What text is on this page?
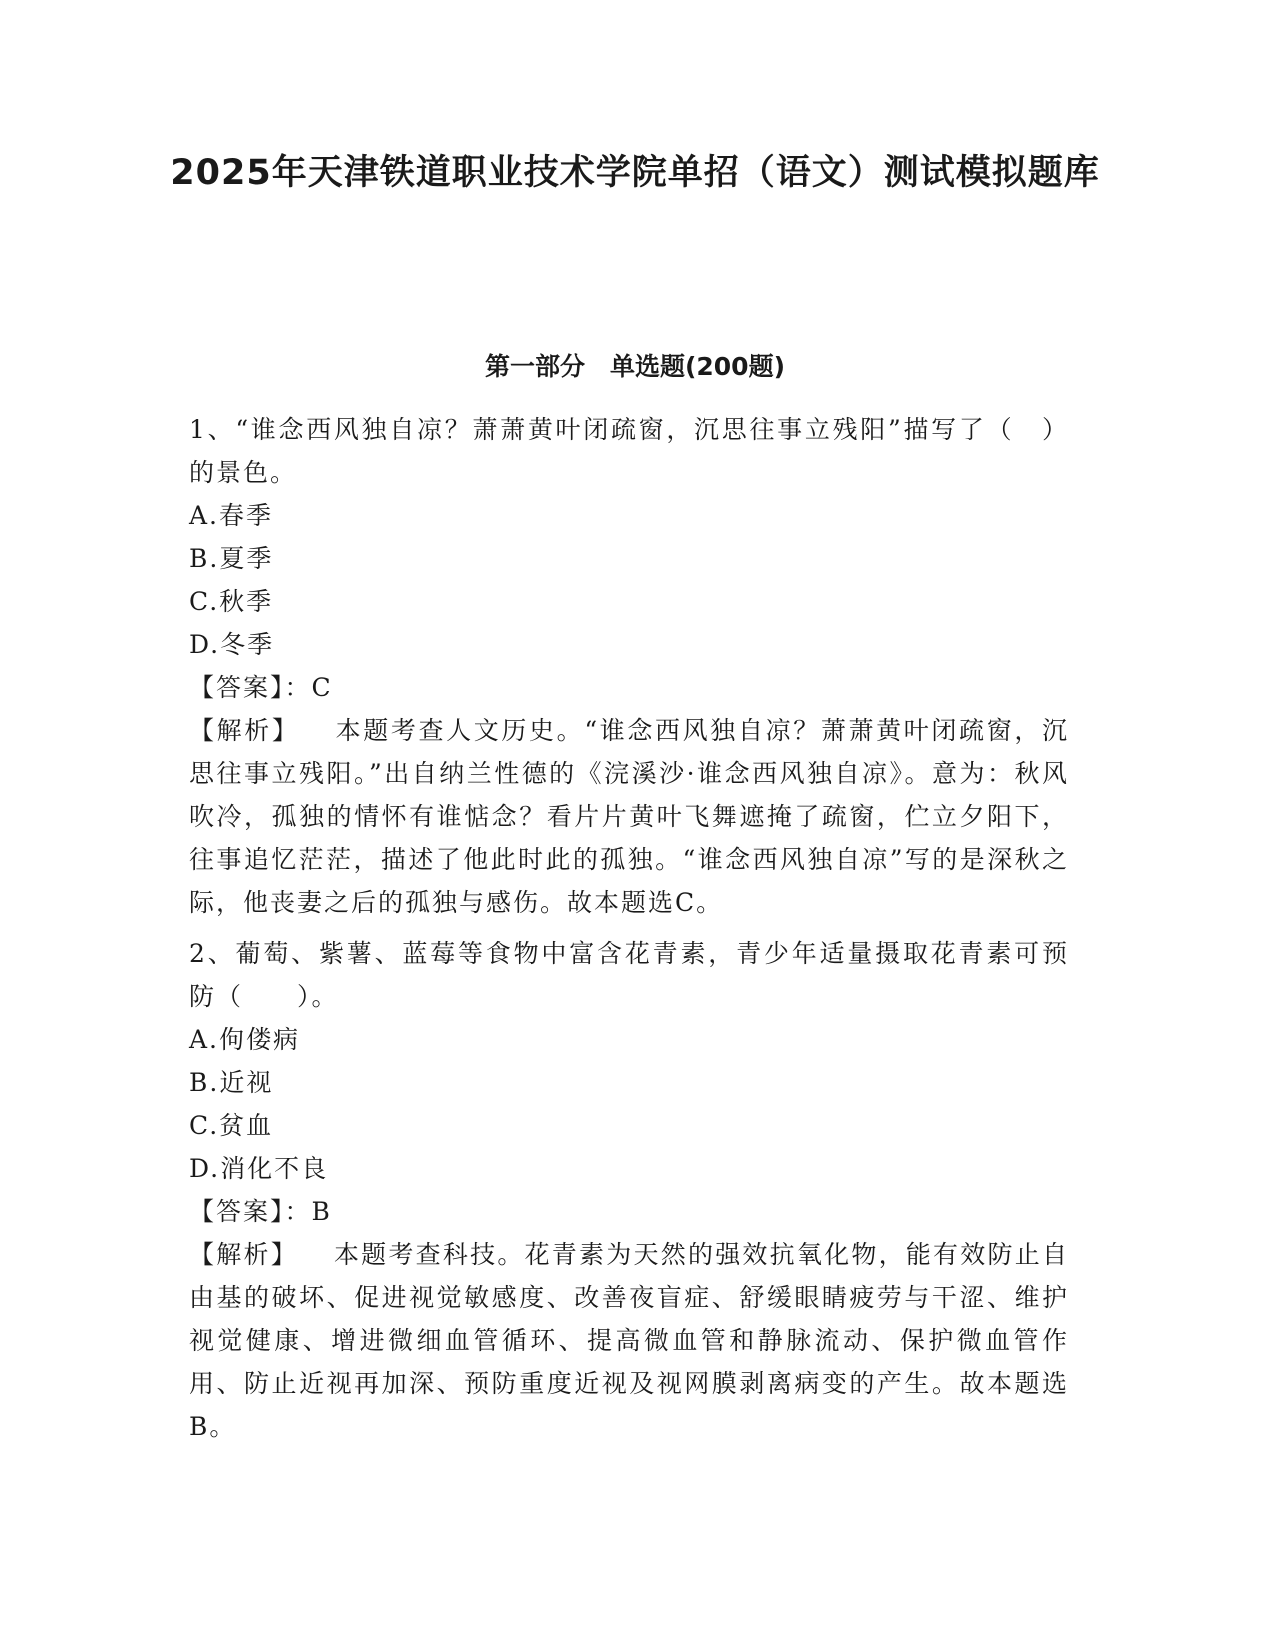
2025年天津铁道职业技术学院单招（语文）测试模拟题库
第一部分　单选题(200题)

1、“谁念西风独自凉？萧萧黄叶闭疏窗，沉思往事立残阳”描写了（　）的景色。

A.春季

B.夏季

C.秋季

D.冬季

【答案】：C

【解析】 本题考查人文历史。“谁念西风独自凉？萧萧黄叶闭疏窗，沉思往事立残阳。”出自纳兰性德的《浣溪沙·谁念西风独自凉》。意为：秋风吹冷，孤独的情怀有谁惦念？看片片黄叶飞舞遮掩了疏窗，伫立夕阳下，往事追忆茫茫，描述了他此时此的孤独。“谁念西风独自凉”写的是深秋之际，他丧妻之后的孤独与感伤。故本题选C。

2、葡萄、紫薯、蓝莓等食物中富含花青素，青少年适量摄取花青素可预防（　　）。

A.佝偻病

B.近视

C.贫血

D.消化不良

【答案】：B

【解析】 本题考查科技。花青素为天然的强效抗氧化物，能有效防止自由基的破坏、促进视觉敏感度、改善夜盲症、舒缓眼睛疲劳与干涩、维护视觉健康、增进微细血管循环、提高微血管和静脉流动、保护微血管作用、防止近视再加深、预防重度近视及视网膜剥离病变的产生。故本题选B。
